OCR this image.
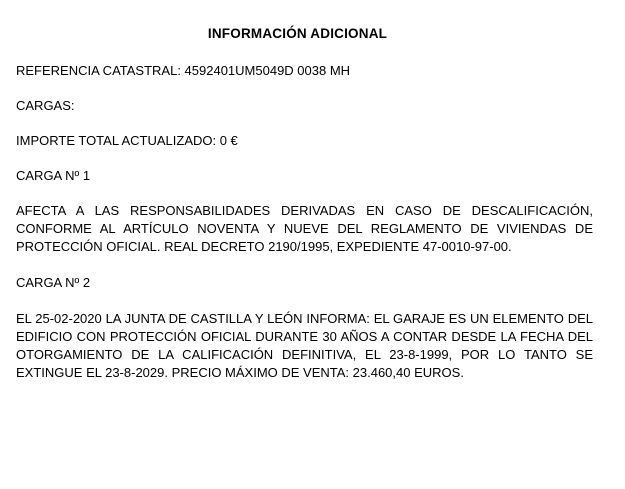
INFORMACIÓN ADICIONAL
REFERENCIA CATASTRAL: 4592401UM5049D 0038 MH
CARGAS:
IMPORTE TOTAL ACTUALIZADO: 0 €
CARGA Nº 1
AFECTA A LAS RESPONSABILIDADES DERIVADAS EN CASO DE DESCALIFICACIÓN, CONFORME AL ARTÍCULO NOVENTA Y NUEVE DEL REGLAMENTO DE VIVIENDAS DE PROTECCIÓN OFICIAL. REAL DECRETO 2190/1995, EXPEDIENTE 47-0010-97-00.
CARGA Nº 2
EL 25-02-2020 LA JUNTA DE CASTILLA Y LEÓN INFORMA: EL GARAJE ES UN ELEMENTO DEL EDIFICIO CON PROTECCIÓN OFICIAL DURANTE 30 AÑOS A CONTAR DESDE LA FECHA DEL OTORGAMIENTO DE LA CALIFICACIÓN DEFINITIVA, EL 23-8-1999, POR LO TANTO SE EXTINGUE EL 23-8-2029. PRECIO MÁXIMO DE VENTA: 23.460,40 EUROS.
